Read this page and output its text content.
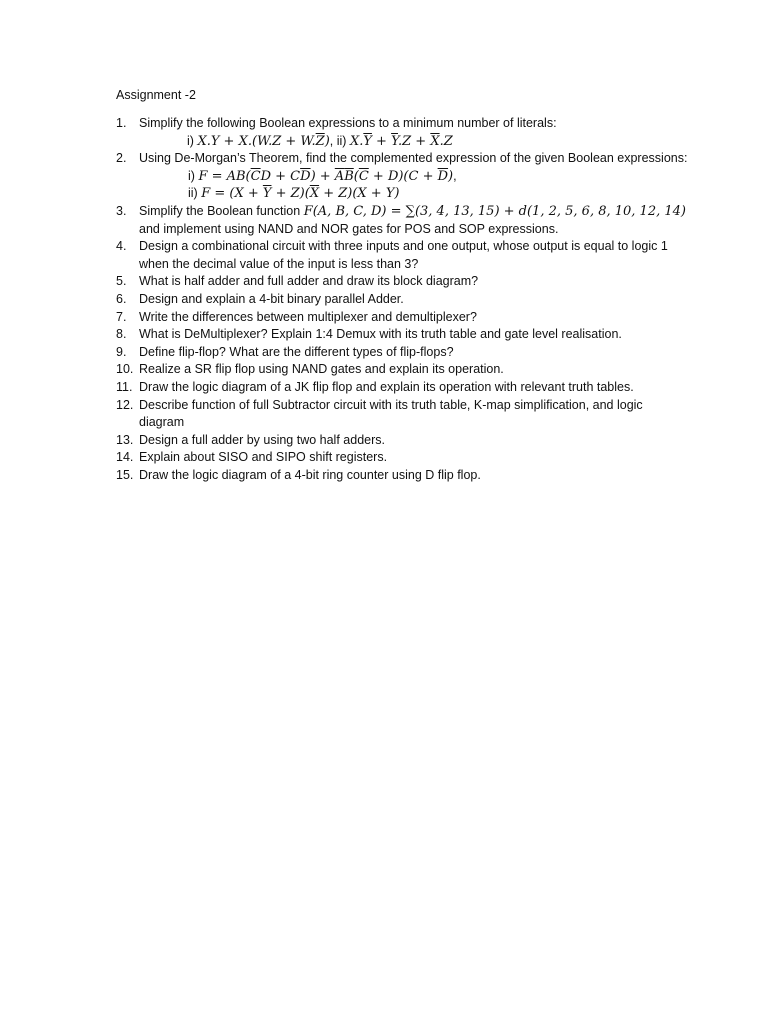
Assignment -2
1.	Simplify the following Boolean expressions to a minimum number of literals:
i) $X.Y + X.(W.Z + W.\overline{Z})$, ii) $X.\overline{Y} + \overline{Y}.Z + \overline{X}.Z$
2.	Using De-Morgan’s Theorem, find the complemented expression of the given Boolean expressions:
i) $F = AB(\overline{C}D + C\overline{D}) + \overline{A}\overline{B}(\overline{C} + D)(C + \overline{D})$,
ii) $F = (X + \overline{Y} + Z)(\overline{X} + Z)(X + Y)$
3.	Simplify the Boolean function F(A, B, C, D) = ∑(3, 4, 13, 15) + d(1, 2, 5, 6, 8, 10, 12, 14) and implement using NAND and NOR gates for POS and SOP expressions.
4.	Design a combinational circuit with three inputs and one output, whose output is equal to logic 1 when the decimal value of the input is less than 3?
5.	What is half adder and full adder and draw its block diagram?
6.	Design and explain a 4-bit binary parallel Adder.
7.	Write the differences between multiplexer and demultiplexer?
8.	What is DeMultiplexer? Explain 1:4 Demux with its truth table and gate level realisation.
9.	Define flip-flop? What are the different types of flip-flops?
10. Realize a SR flip flop using NAND gates and explain its operation.
11. Draw the logic diagram of a JK flip flop and explain its operation with relevant truth tables.
12. Describe function of full Subtractor circuit with its truth table, K-map simplification, and logic diagram
13. Design a full adder by using two half adders.
14. Explain about SISO and SIPO shift registers.
15. Draw the logic diagram of a 4-bit ring counter using D flip flop.
